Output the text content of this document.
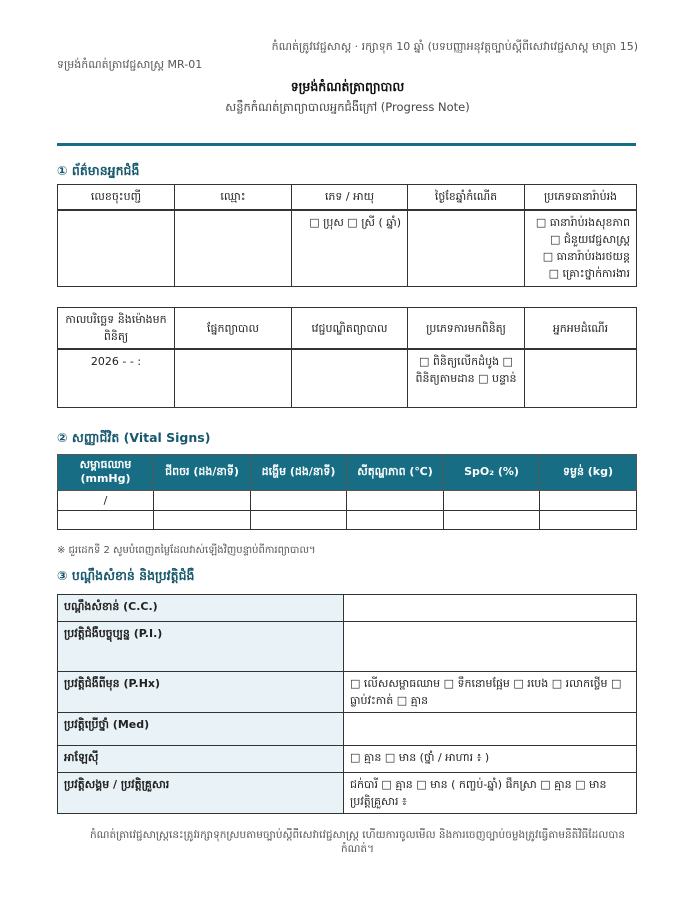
កំណត់ត្រូវវេជ្ជសាស្ត · រក្សាទុក 10 ឆ្នាំ (បទបញ្ញាអនុវត្តច្បាប់ស្តីពីសេវាវេជ្ជសាស្ត មាត្រា 15)
ទម្រង់កំណត់ត្រាវេជ្ជសាស្ត្រ MR-01
ទម្រង់កំណត់ត្រាព្យាបាល
សន្លឹកកំណត់ត្រាព្យាបាលអ្នកជំងឺក្រៅ (Progress Note)
① ព័ត៌មានអ្នកជំងឺ
លេខចុះបញ្ជី	ឈ្មោះ	ភេទ / អាយុ	ថ្ងៃខែឆ្នាំកំណើត	ប្រភេទធានារ៉ាប់រង
		□ ប្រុស □ ស្រី ( ឆ្នាំ)		□ ធានារ៉ាប់រងសុខភាព
□ ជំនួយវេជ្ជសាស្ត្រ
□ ធានារ៉ាប់រងរថយន្ត
□ គ្រោះថ្នាក់ការងារ
កាលបរិច្ឆេទ និងម៉ោងមកពិនិត្យ	ផ្នែកព្យាបាល	វេជ្ជបណ្ឌិតព្យាបាល	ប្រភេទការមកពិនិត្យ	អ្នកអមដំណើរ
2026 - - :			□ ពិនិត្យលើកដំបូង □ ពិនិត្យតាមដាន □ បន្ទាន់	
② សញ្ញាជីវិត (Vital Signs)
សម្ពាធឈាម (mmHg)	ជីពចរ (ដង/នាទី)	ដង្ហើម (ដង/នាទី)	សីតុណ្ហភាព (℃)	SpO₂ (%)	ទម្ងន់ (kg)
/					

※ ជួរដេកទី 2 សូមបំពេញតម្លៃដែលវាស់ឡើងវិញបន្ទាប់ពីការព្យាបាល។
③ បណ្តឹងសំខាន់ និងប្រវត្តិជំងឺ
បណ្តឹងសំខាន់ (C.C.)	
ប្រវត្តិជំងឺបច្ចុប្បន្ន (P.I.)	
ប្រវត្តិជំងឺពីមុន (P.Hx)	□ លើសសម្ពាធឈាម □ ទឹកនោមផ្អែម □ របេង □ រលាកថ្លើម □ ធ្លាប់វះកាត់ □ គ្មាន
ប្រវត្តិប្រើថ្នាំ (Med)	
អាឡែស៊ី	□ គ្មាន □ មាន (ថ្នាំ / អាហារ ៖ )
ប្រវត្តិសង្គម / ប្រវត្តិគ្រួសារ	ជក់បារី □ គ្មាន □ មាន ( កញ្ចប់-ឆ្នាំ) ផឹកស្រា □ គ្មាន □ មាន ប្រវត្តិគ្រួសារ ៖
កំណត់ត្រាវេជ្ជសាស្ត្រនេះត្រូវរក្សាទុកស្របតាមច្បាប់ស្តីពីសេវាវេជ្ជសាស្ត្រ ហើយការចូលមើល និងការចេញច្បាប់ចម្លងត្រូវធ្វើតាមនីតិវិធីដែលបានកំណត់។
